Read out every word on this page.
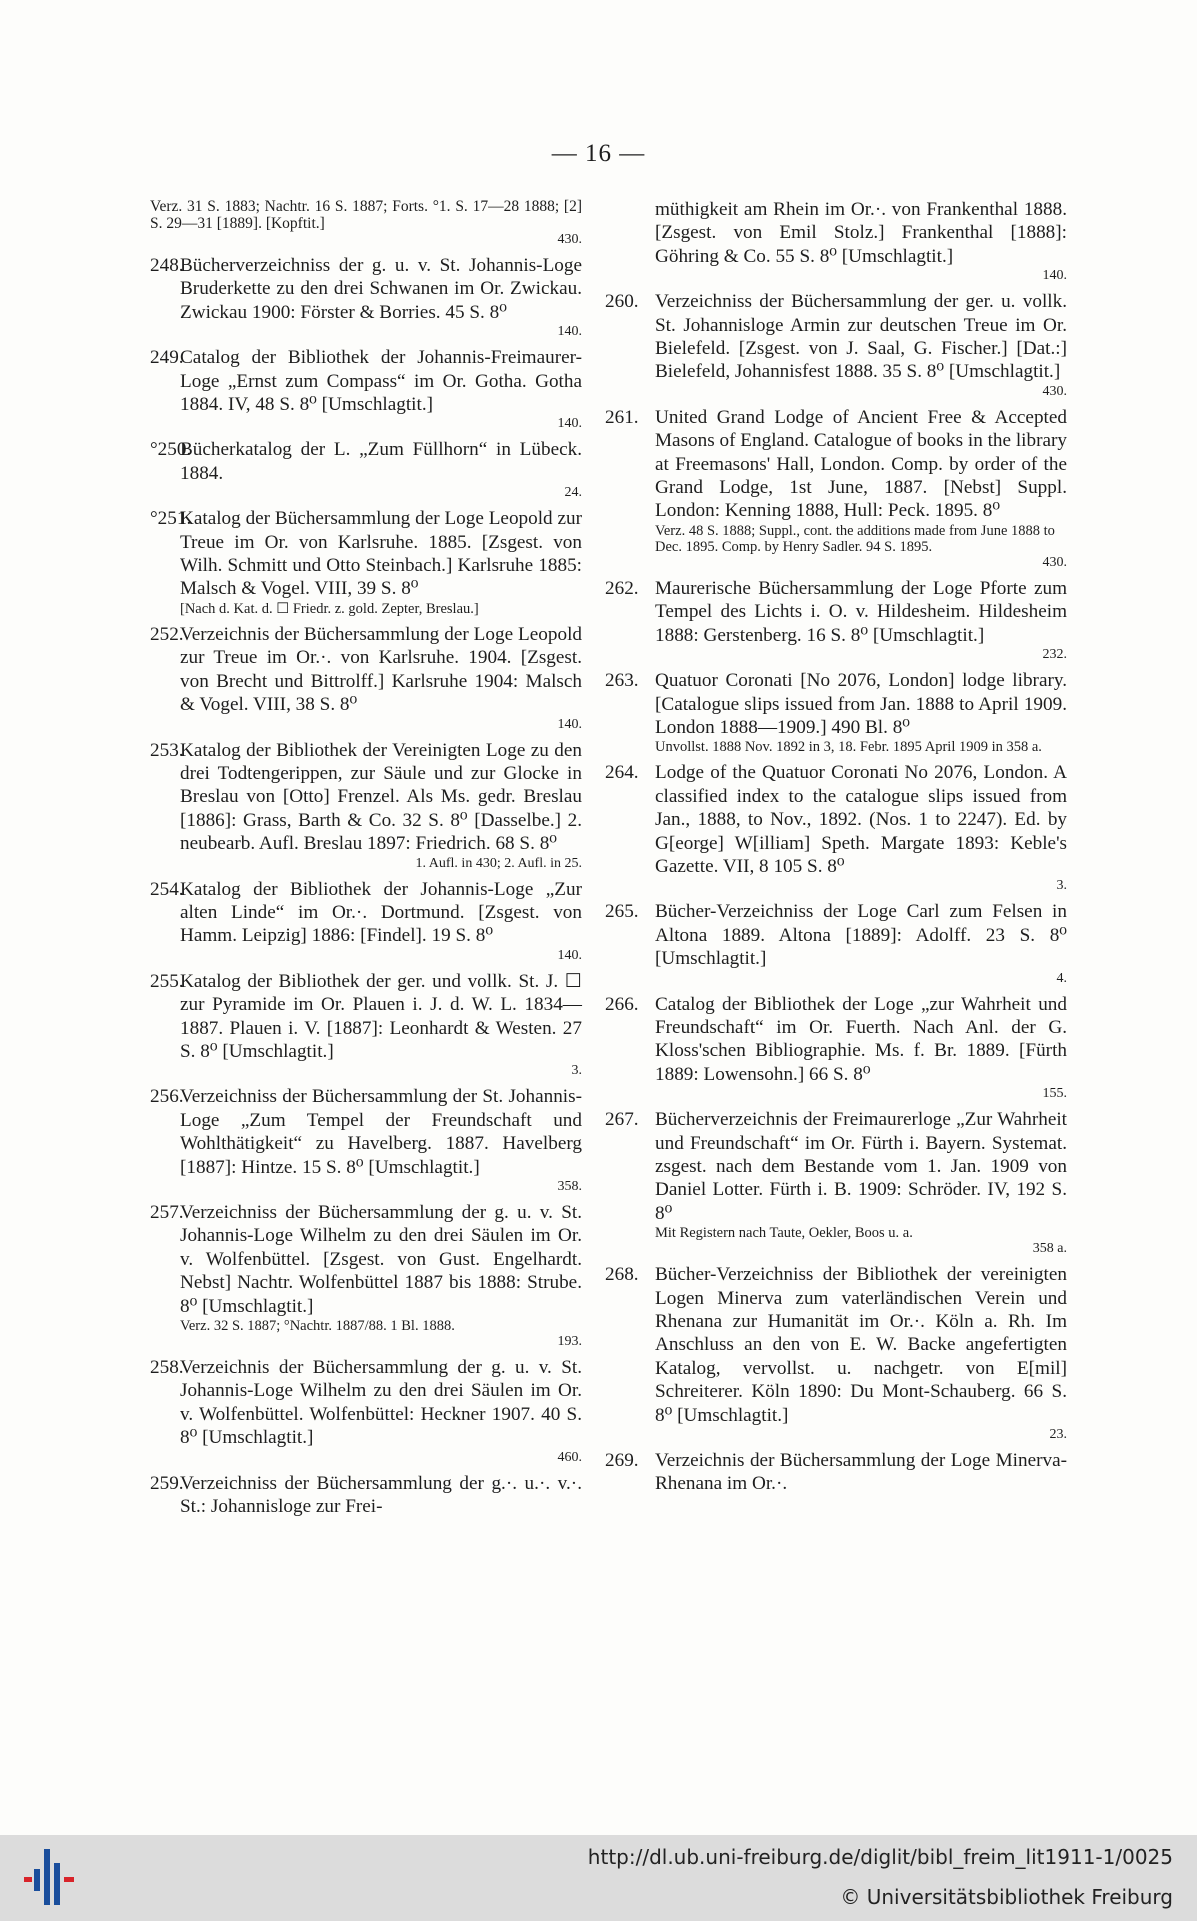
— 16 —
Verz. 31 S. 1883; Nachtr. 16 S. 1887; Forts. °1. S. 17—28 1888; [2] S. 29—31 [1889]. [Kopftit.]
430.
248.
Bücherverzeichniss der g. u. v. St. Johannis-Loge Bruderkette zu den drei Schwanen im Or. Zwickau. Zwickau 1900: Förster & Borries. 45 S. 8⁰
140.
249.
Catalog der Bibliothek der Johannis-Freimaurer-Loge „Ernst zum Compass“ im Or. Gotha. Gotha 1884. IV, 48 S. 8⁰ [Umschlagtit.]
140.
°250.
Bücherkatalog der L. „Zum Füllhorn“ in Lübeck. 1884.
24.
°251.
Katalog der Büchersammlung der Loge Leopold zur Treue im Or. von Karlsruhe. 1885. [Zsgest. von Wilh. Schmitt und Otto Steinbach.] Karlsruhe 1885: Malsch & Vogel. VIII, 39 S. 8⁰
[Nach d. Kat. d. ☐ Friedr. z. gold. Zepter, Breslau.]
252.
Verzeichnis der Büchersammlung der Loge Leopold zur Treue im Or.·. von Karlsruhe. 1904. [Zsgest. von Brecht und Bittrolff.] Karlsruhe 1904: Malsch & Vogel. VIII, 38 S. 8⁰
140.
253.
Katalog der Bibliothek der Vereinigten Loge zu den drei Todtengerippen, zur Säule und zur Glocke in Breslau von [Otto] Frenzel. Als Ms. gedr. Breslau [1886]: Grass, Barth & Co. 32 S. 8⁰ [Dasselbe.] 2. neubearb. Aufl. Breslau 1897: Friedrich. 68 S. 8⁰
1. Aufl. in 430; 2. Aufl. in 25.
254.
Katalog der Bibliothek der Johannis-Loge „Zur alten Linde“ im Or.·. Dortmund. [Zsgest. von Hamm. Leipzig] 1886: [Findel]. 19 S. 8⁰
140.
255.
Katalog der Bibliothek der ger. und vollk. St. J. ☐ zur Pyramide im Or. Plauen i. J. d. W. L. 1834—1887. Plauen i. V. [1887]: Leonhardt & Westen. 27 S. 8⁰ [Umschlagtit.]
3.
256.
Verzeichniss der Büchersammlung der St. Johannis-Loge „Zum Tempel der Freundschaft und Wohlthätigkeit“ zu Havelberg. 1887. Havelberg [1887]: Hintze. 15 S. 8⁰ [Umschlagtit.]
358.
257.
Verzeichniss der Büchersammlung der g. u. v. St. Johannis-Loge Wilhelm zu den drei Säulen im Or. v. Wolfenbüttel. [Zsgest. von Gust. Engelhardt. Nebst] Nachtr. Wolfenbüttel 1887 bis 1888: Strube. 8⁰ [Umschlagtit.]
Verz. 32 S. 1887; °Nachtr. 1887/88. 1 Bl. 1888.
193.
258.
Verzeichnis der Büchersammlung der g. u. v. St. Johannis-Loge Wilhelm zu den drei Säulen im Or. v. Wolfenbüttel. Wolfenbüttel: Heckner 1907. 40 S. 8⁰ [Umschlagtit.]
460.
259.
Verzeichniss der Büchersammlung der g.·. u.·. v.·. St.: Johannisloge zur Frei-
müthigkeit am Rhein im Or.·. von Frankenthal 1888. [Zsgest. von Emil Stolz.] Frankenthal [1888]: Göhring & Co. 55 S. 8⁰ [Umschlagtit.]
140.
260. Verzeichniss der Büchersammlung der ger. u. vollk. St. Johannisloge Armin zur deutschen Treue im Or. Bielefeld. [Zsgest. von J. Saal, G. Fischer.] [Dat.:] Bielefeld, Johannisfest 1888. 35 S. 8⁰ [Umschlagtit.]
430.
261. United Grand Lodge of Ancient Free & Accepted Masons of England. Catalogue of books in the library at Freemasons' Hall, London. Comp. by order of the Grand Lodge, 1st June, 1887. [Nebst] Suppl. London: Kenning 1888, Hull: Peck. 1895. 8⁰
Verz. 48 S. 1888; Suppl., cont. the additions made from June 1888 to Dec. 1895. Comp. by Henry Sadler. 94 S. 1895.
430.
262. Maurerische Büchersammlung der Loge Pforte zum Tempel des Lichts i. O. v. Hildesheim. Hildesheim 1888: Gerstenberg. 16 S. 8⁰ [Umschlagtit.]
232.
263. Quatuor Coronati [No 2076, London] lodge library. [Catalogue slips issued from Jan. 1888 to April 1909. London 1888—1909.] 490 Bl. 8⁰
Unvollst. 1888 Nov. 1892 in 3, 18. Febr. 1895 April 1909 in 358 a.
264. Lodge of the Quatuor Coronati No 2076, London. A classified index to the catalogue slips issued from Jan., 1888, to Nov., 1892. (Nos. 1 to 2247). Ed. by G[eorge] W[illiam] Speth. Margate 1893: Keble's Gazette. VII, 8 105 S. 8⁰
3.
265. Bücher-Verzeichniss der Loge Carl zum Felsen in Altona 1889. Altona [1889]: Adolff. 23 S. 8⁰ [Umschlagtit.]
4.
266. Catalog der Bibliothek der Loge „zur Wahrheit und Freundschaft“ im Or. Fuerth. Nach Anl. der G. Kloss'schen Bibliographie. Ms. f. Br. 1889. [Fürth 1889: Lowensohn.] 66 S. 8⁰
155.
267. Bücherverzeichnis der Freimaurerloge „Zur Wahrheit und Freundschaft“ im Or. Fürth i. Bayern. Systemat. zsgest. nach dem Bestande vom 1. Jan. 1909 von Daniel Lotter. Fürth i. B. 1909: Schröder. IV, 192 S. 8⁰
Mit Registern nach Taute, Oekler, Boos u. a.
358 a.
268. Bücher-Verzeichniss der Bibliothek der vereinigten Logen Minerva zum vaterländischen Verein und Rhenana zur Humanität im Or.·. Köln a. Rh. Im Anschluss an den von E. W. Backe angefertigten Katalog, vervollst. u. nachgetr. von E[mil] Schreiterer. Köln 1890: Du Mont-Schauberg. 66 S. 8⁰ [Umschlagtit.]
23.
269. Verzeichnis der Büchersammlung der Loge Minerva-Rhenana im Or.·.
http://dl.ub.uni-freiburg.de/diglit/bibl_freim_lit1911-1/0025
© Universitätsbibliothek Freiburg
